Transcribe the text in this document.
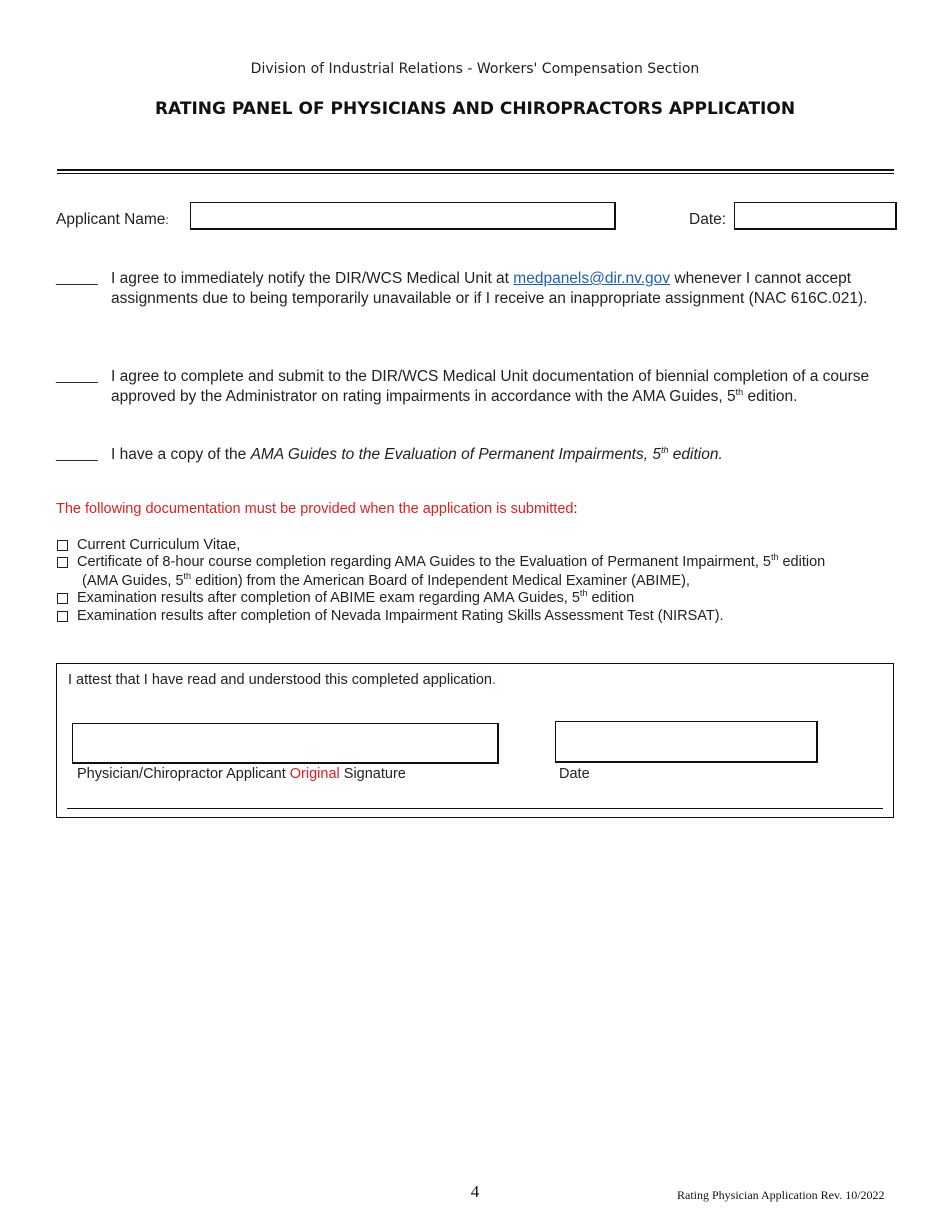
Division of Industrial Relations - Workers' Compensation Section
RATING PANEL OF PHYSICIANS AND CHIROPRACTORS APPLICATION
Applicant Name:	Date:
_____ I agree to immediately notify the DIR/WCS Medical Unit at medpanels@dir.nv.gov whenever I cannot accept assignments due to being temporarily unavailable or if I receive an inappropriate assignment (NAC 616C.021).
_____ I agree to complete and submit to the DIR/WCS Medical Unit documentation of biennial completion of a course approved by the Administrator on rating impairments in accordance with the AMA Guides, 5th edition.
_____ I have a copy of the AMA Guides to the Evaluation of Permanent Impairments, 5th edition.
The following documentation must be provided when the application is submitted:
Current Curriculum Vitae,
Certificate of 8-hour course completion regarding AMA Guides to the Evaluation of Permanent Impairment, 5th edition
(AMA Guides, 5th edition) from the American Board of Independent Medical Examiner (ABIME),
Examination results after completion of ABIME exam regarding AMA Guides, 5th edition
Examination results after completion of Nevada Impairment Rating Skills Assessment Test (NIRSAT).
I attest that I have read and understood this completed application.
Physician/Chiropractor Applicant Original Signature	Date
4	Rating Physician Application Rev. 10/2022
